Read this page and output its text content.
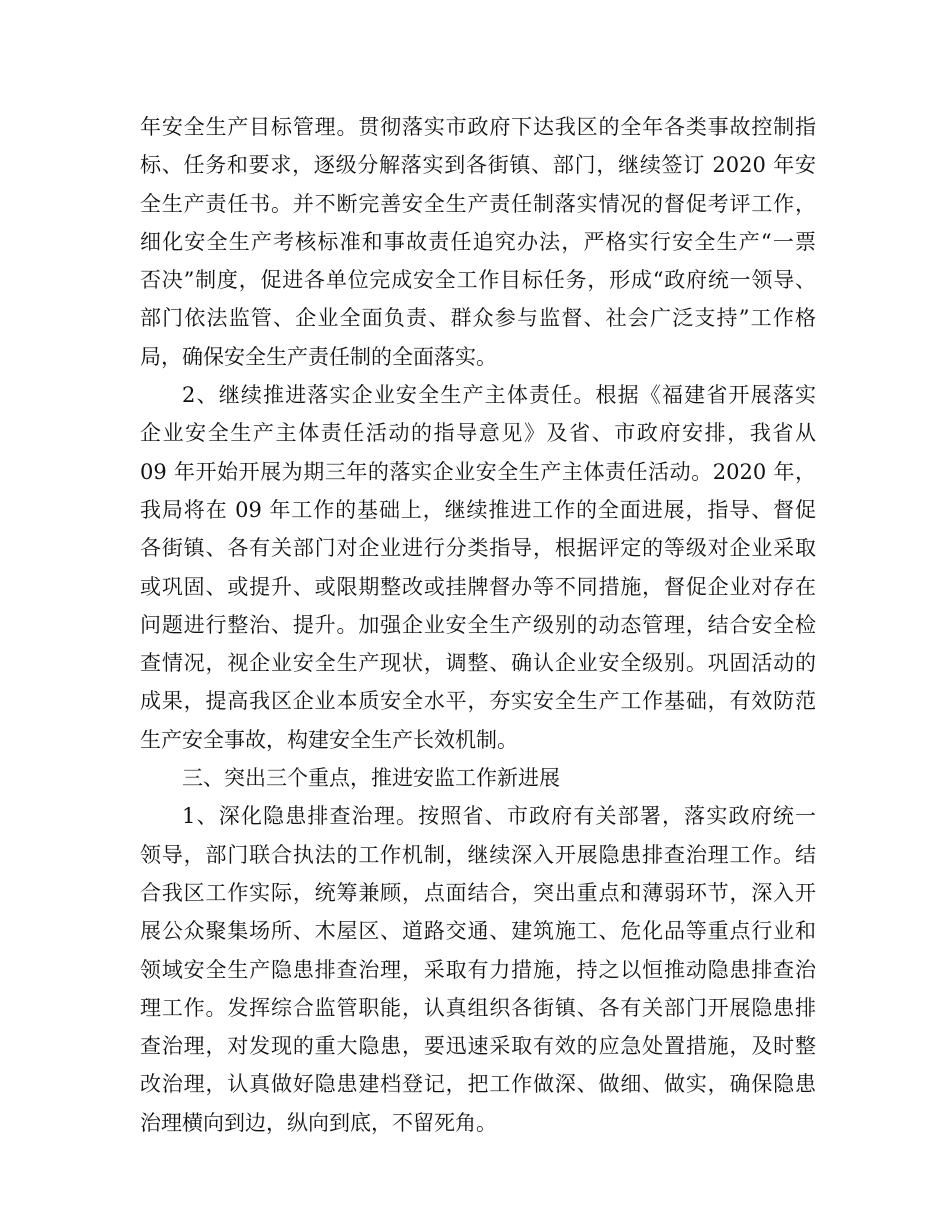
年安全生产目标管理。贯彻落实市政府下达我区的全年各类事故控制指
标、任务和要求，逐级分解落实到各街镇、部门，继续签订 2020 年安
全生产责任书。并不断完善安全生产责任制落实情况的督促考评工作，
细化安全生产考核标准和事故责任追究办法，严格实行安全生产“一票
否决”制度，促进各单位完成安全工作目标任务，形成“政府统一领导、
部门依法监管、企业全面负责、群众参与监督、社会广泛支持”工作格
局，确保安全生产责任制的全面落实。
2、继续推进落实企业安全生产主体责任。根据《福建省开展落实
企业安全生产主体责任活动的指导意见》及省、市政府安排，我省从
09 年开始开展为期三年的落实企业安全生产主体责任活动。2020 年，
我局将在 09 年工作的基础上，继续推进工作的全面进展，指导、督促
各街镇、各有关部门对企业进行分类指导，根据评定的等级对企业采取
或巩固、或提升、或限期整改或挂牌督办等不同措施，督促企业对存在
问题进行整治、提升。加强企业安全生产级别的动态管理，结合安全检
查情况，视企业安全生产现状，调整、确认企业安全级别。巩固活动的
成果，提高我区企业本质安全水平，夯实安全生产工作基础，有效防范
生产安全事故，构建安全生产长效机制。
三、突出三个重点，推进安监工作新进展
1、深化隐患排查治理。按照省、市政府有关部署，落实政府统一
领导，部门联合执法的工作机制，继续深入开展隐患排查治理工作。结
合我区工作实际，统筹兼顾，点面结合，突出重点和薄弱环节，深入开
展公众聚集场所、木屋区、道路交通、建筑施工、危化品等重点行业和
领域安全生产隐患排查治理，采取有力措施，持之以恒推动隐患排查治
理工作。发挥综合监管职能，认真组织各街镇、各有关部门开展隐患排
查治理，对发现的重大隐患，要迅速采取有效的应急处置措施，及时整
改治理，认真做好隐患建档登记，把工作做深、做细、做实，确保隐患
治理横向到边，纵向到底，不留死角。
